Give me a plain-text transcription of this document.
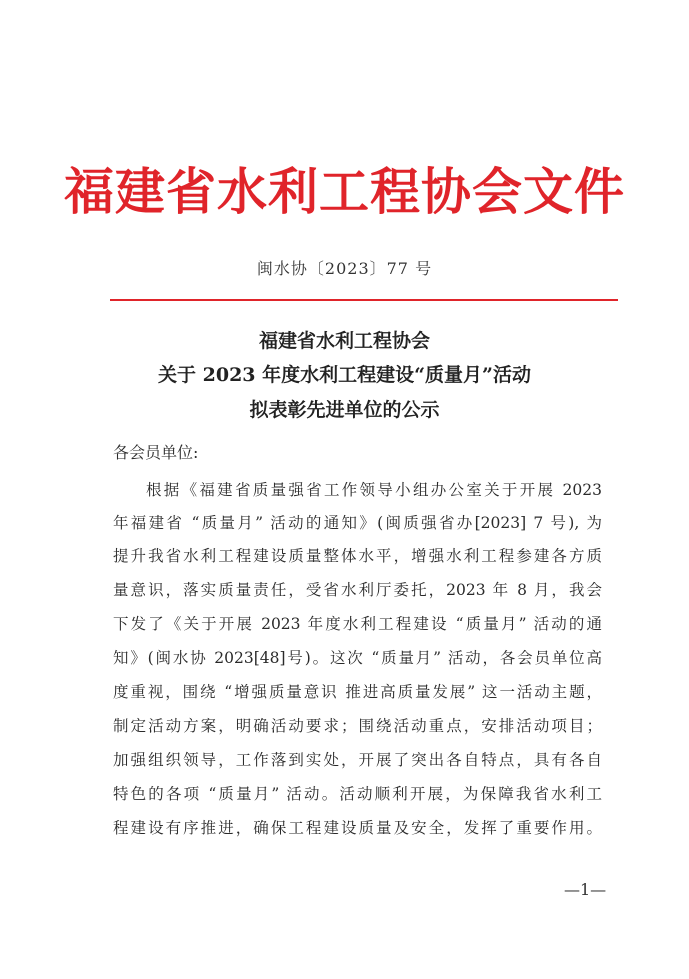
福建省水利工程协会文件
闽水协〔2023〕77 号
福建省水利工程协会
关于 2023 年度水利工程建设“质量月”活动
拟表彰先进单位的公示
各会员单位:
根据《福建省质量强省工作领导小组办公室关于开展 2023
年福建省 “质量月” 活动的通知》(闽质强省办[2023] 7 号), 为
提升我省水利工程建设质量整体水平，增强水利工程参建各方质
量意识，落实质量责任，受省水利厅委托，2023 年 8 月，我会
下发了《关于开展 2023 年度水利工程建设 “质量月” 活动的通
知》(闽水协 2023[48]号)。这次 “质量月” 活动，各会员单位高
度重视，围绕 “增强质量意识 推进高质量发展” 这一活动主题，
制定活动方案，明确活动要求；围绕活动重点，安排活动项目；
加强组织领导，工作落到实处，开展了突出各自特点，具有各自
特色的各项 “质量月” 活动。活动顺利开展，为保障我省水利工
程建设有序推进，确保工程建设质量及安全，发挥了重要作用。
—1—
